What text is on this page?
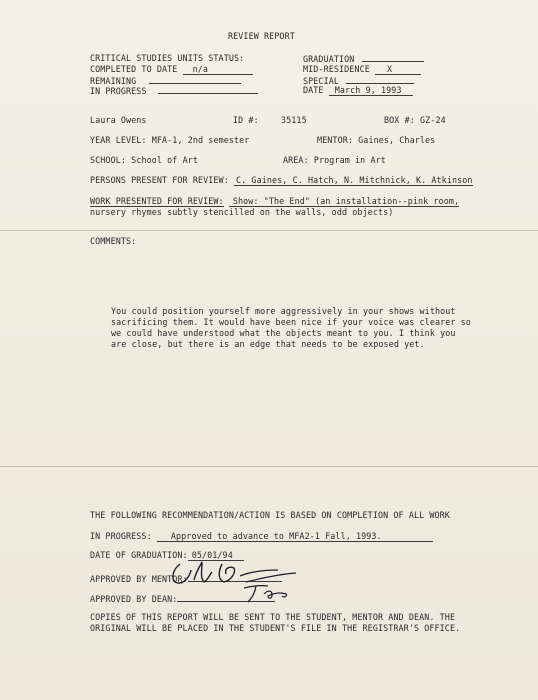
REVIEW REPORT
CRITICAL STUDIES UNITS STATUS:
COMPLETED TO DATE n/a
REMAINING
IN PROGRESS
GRADUATION
MID-RESIDENCE X
SPECIAL
DATE March 9, 1993
Laura Owens	ID #:	35115	BOX #: GZ-24
YEAR LEVEL: MFA-1, 2nd semester	MENTOR: Gaines, Charles
SCHOOL: School of Art	AREA: Program in Art
PERSONS PRESENT FOR REVIEW: C. Gaines, C. Hatch, N. Mitchnick, K. Atkinson
WORK PRESENTED FOR REVIEW: Show: "The End" (an installation--pink room,
nursery rhymes subtly stencilled on the walls, odd objects)
COMMENTS:
You could position yourself more aggressively in your shows without
sacrificing them. It would have been nice if your voice was clearer so
we could have understood what the objects meant to you. I think you
are close, but there is an edge that needs to be exposed yet.
THE FOLLOWING RECOMMENDATION/ACTION IS BASED ON COMPLETION OF ALL WORK
IN PROGRESS: Approved to advance to MFA2-1 Fall, 1993.
DATE OF GRADUATION: 05/01/94
APPROVED BY MENTOR:
APPROVED BY DEAN:
COPIES OF THIS REPORT WILL BE SENT TO THE STUDENT, MENTOR AND DEAN. THE
ORIGINAL WILL BE PLACED IN THE STUDENT'S FILE IN THE REGISTRAR'S OFFICE.
